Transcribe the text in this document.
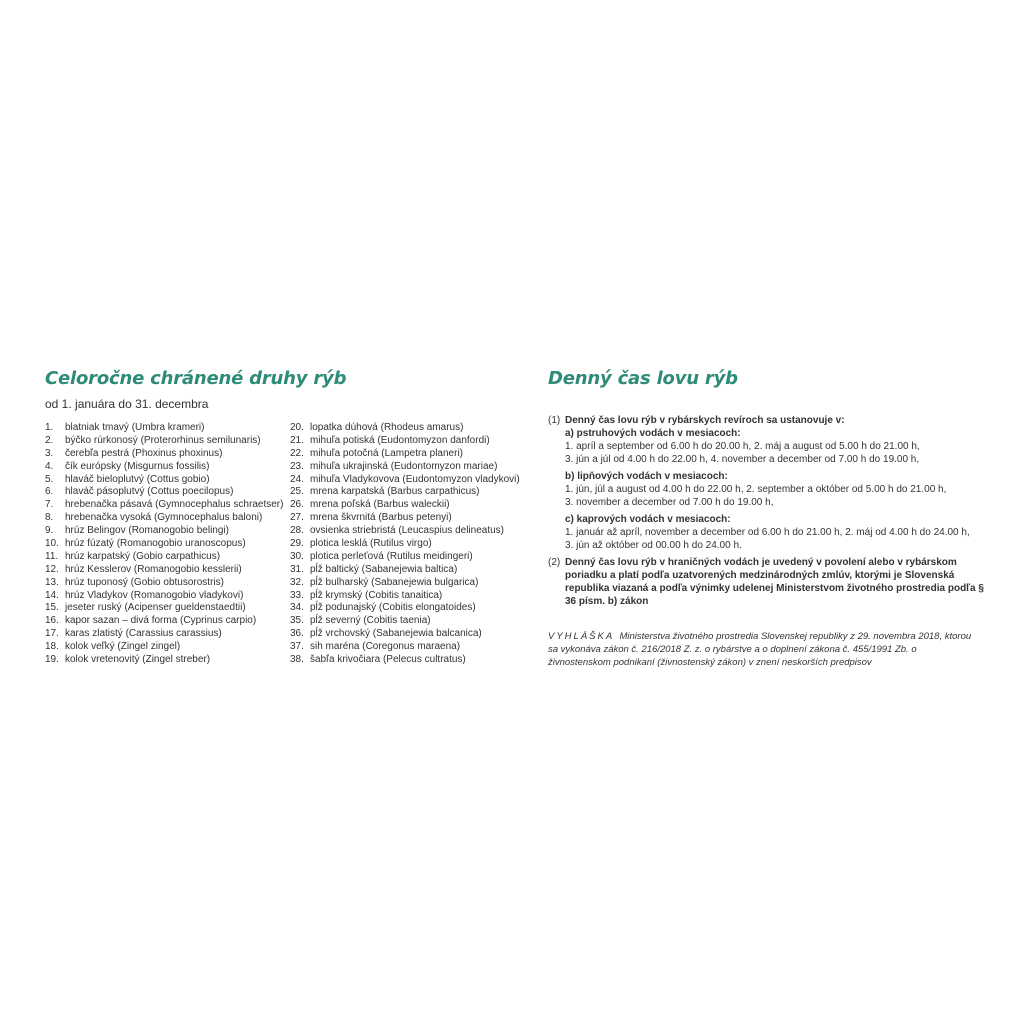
Celoročne chránené druhy rýb
od 1. januára do 31. decembra
1.	blatniak tmavý (Umbra krameri)
2.	býčko rúrkonosý (Proterorhinus semilunaris)
3.	čerebľa pestrá (Phoxinus phoxinus)
4.	čík európsky (Misgurnus fossilis)
5.	hlaváč bieloplutvý (Cottus gobio)
6.	hlaváč pásoplutvý (Cottus poecilopus)
7.	hrebenačka pásavá (Gymnocephalus schraetser)
8.	hrebenačka vysoká (Gymnocephalus baloni)
9.	hrúz Belingov (Romanogobio belingi)
10. hrúz fúzatý (Romanogobio uranoscopus)
11. hrúz karpatský (Gobio carpathicus)
12. hrúz Kesslerov (Romanogobio kesslerii)
13. hrúz tuponosý (Gobio obtusorostris)
14. hrúz Vladykov (Romanogobio vladykovi)
15. jeseter ruský (Acipenser gueldenstaedtii)
16. kapor sazan – divá forma (Cyprinus carpio)
17. karas zlatistý (Carassius carassius)
18. kolok veľký (Zingel zingel)
19. kolok vretenovitý (Zingel streber)
20. lopatka dúhová (Rhodeus amarus)
21. mihuľa potiská (Eudontomyzon danfordi)
22. mihuľa potočná (Lampetra planeri)
23. mihuľa ukrajinská (Eudontomyzon mariae)
24. mihuľa Vladykovova (Eudontomyzon vladykovi)
25. mrena karpatská (Barbus carpathicus)
26. mrena poľská (Barbus waleckii)
27. mrena škvrnitá (Barbus petenyi)
28. ovsienka striebristá (Leucaspius delineatus)
29. plotica lesklá (Rutilus virgo)
30. plotica perleťová (Rutilus meidingeri)
31. pĺž baltický (Sabanejewia baltica)
32. pĺž bulharský (Sabanejewia bulgarica)
33. pĺž krymský (Cobitis tanaitica)
34. pĺž podunajský (Cobitis elongatoides)
35. pĺž severný (Cobitis taenia)
36. pĺž vrchovský (Sabanejewia balcanica)
37. sih maréna (Coregonus maraena)
38. šabľa krivočiara (Pelecus cultratus)
Denný čas lovu rýb
(1) Denný čas lovu rýb v rybárskych revíroch sa ustanovuje v:
a) pstruhových vodách v mesiacoch:
1. apríl a september od 6.00 h do 20.00 h, 2. máj a august od 5.00 h do 21.00 h,
3. jún a júl od 4.00 h do 22.00 h, 4. november a december od 7.00 h do 19.00 h,
b) lipňových vodách v mesiacoch:
1. jún, júl a august od 4.00 h do 22.00 h, 2. september a október od 5.00 h do 21.00 h,
3. november a december od 7.00 h do 19.00 h,
c) kaprových vodách v mesiacoch:
1. január až apríl, november a december od 6.00 h do 21.00 h, 2. máj od 4.00 h do 24.00 h,
3. jún až október od 00.00 h do 24.00 h.
(2) Denný čas lovu rýb v hraničných vodách je uvedený v povolení alebo v rybárskom poriadku a platí podľa uzatvorených medzinárodných zmlúv, ktorými je Slovenská republika viazaná a podľa výnimky udelenej Ministerstvom životného prostredia podľa § 36 písm. b) zákon
VYHLÁŠKA Ministerstva životného prostredia Slovenskej republiky z 29. novembra 2018, ktorou sa vykonáva zákon č. 216/2018 Z. z. o rybárstve a o doplnení zákona č. 455/1991 Zb. o živnostenskom podnikaní (živnostenský zákon) v znení neskorších predpisov
